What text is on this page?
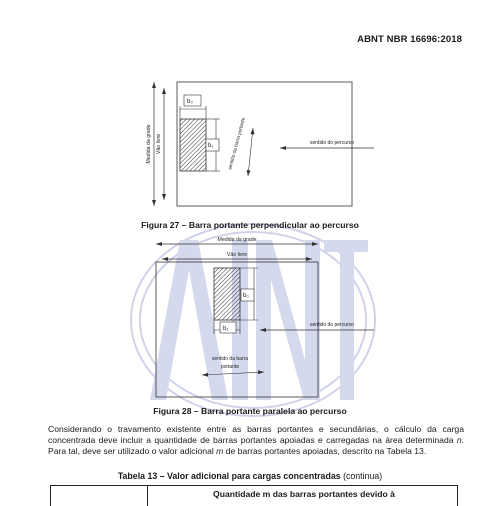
ABNT NBR 16696:2018
Medida da grade Vão livre
b₀
b₁	sentido da barra portante	sentido do percurso
Figura 27 – Barra portante perpendicular ao percurso
Medida da grade
Vão livre
b₀
b₁
sentido do percurso
sentido da barra
portante
Figura 28 – Barra portante paralela ao percurso
Considerando o travamento existente entre as barras portantes e secundárias, o cálculo da carga concentrada deve incluir a quantidade de barras portantes apoiadas e carregadas na área determinada n. Para tal, deve ser utilizado o valor adicional m de barras portantes apoiadas, descrito na Tabela 13.
Tabela 13 – Valor adicional para cargas concentradas (continua)
Quantidade m das barras portantes devido à
